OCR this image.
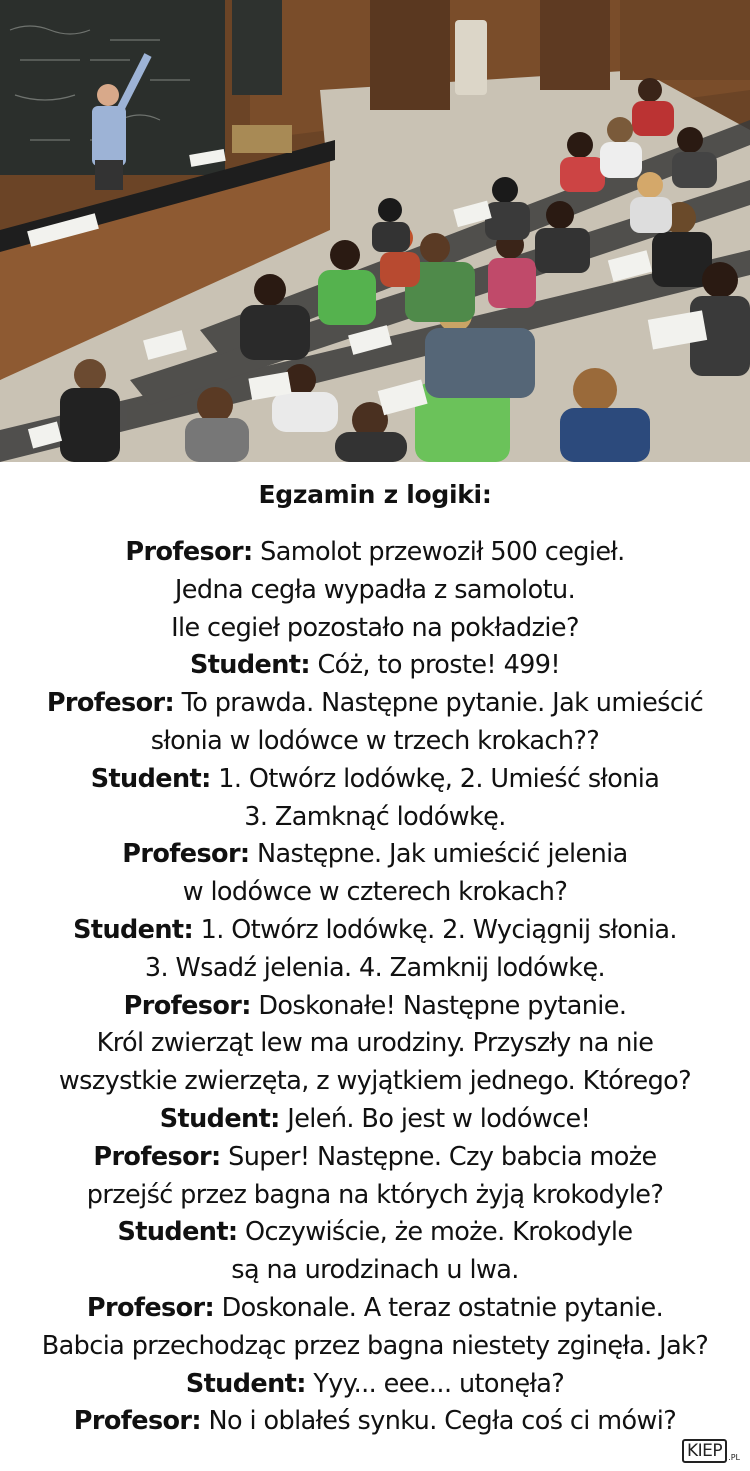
Egzamin z logiki:
Profesor: Samolot przewoził 500 cegieł.
Jedna cegła wypadła z samolotu.
Ile cegieł pozostało na pokładzie?
Student: Cóż, to proste! 499!
Profesor: To prawda. Następne pytanie. Jak umieścić
słonia w lodówce w trzech krokach??
Student: 1. Otwórz lodówkę, 2. Umieść słonia
3. Zamknąć lodówkę.
Profesor: Następne. Jak umieścić jelenia
w lodówce w czterech krokach?
Student: 1. Otwórz lodówkę. 2. Wyciągnij słonia.
3. Wsadź jelenia. 4. Zamknij lodówkę.
Profesor: Doskonałe! Następne pytanie.
Król zwierząt lew ma urodziny. Przyszły na nie
wszystkie zwierzęta, z wyjątkiem jednego. Którego?
Student: Jeleń. Bo jest w lodówce!
Profesor: Super! Następne. Czy babcia może
przejść przez bagna na których żyją krokodyle?
Student: Oczywiście, że może. Krokodyle
są na urodzinach u lwa.
Profesor: Doskonale. A teraz ostatnie pytanie.
Babcia przechodząc przez bagna niestety zginęła. Jak?
Student: Yyy... eee... utonęła?
Profesor: No i oblałeś synku. Cegła coś ci mówi?
KIEP .PL
